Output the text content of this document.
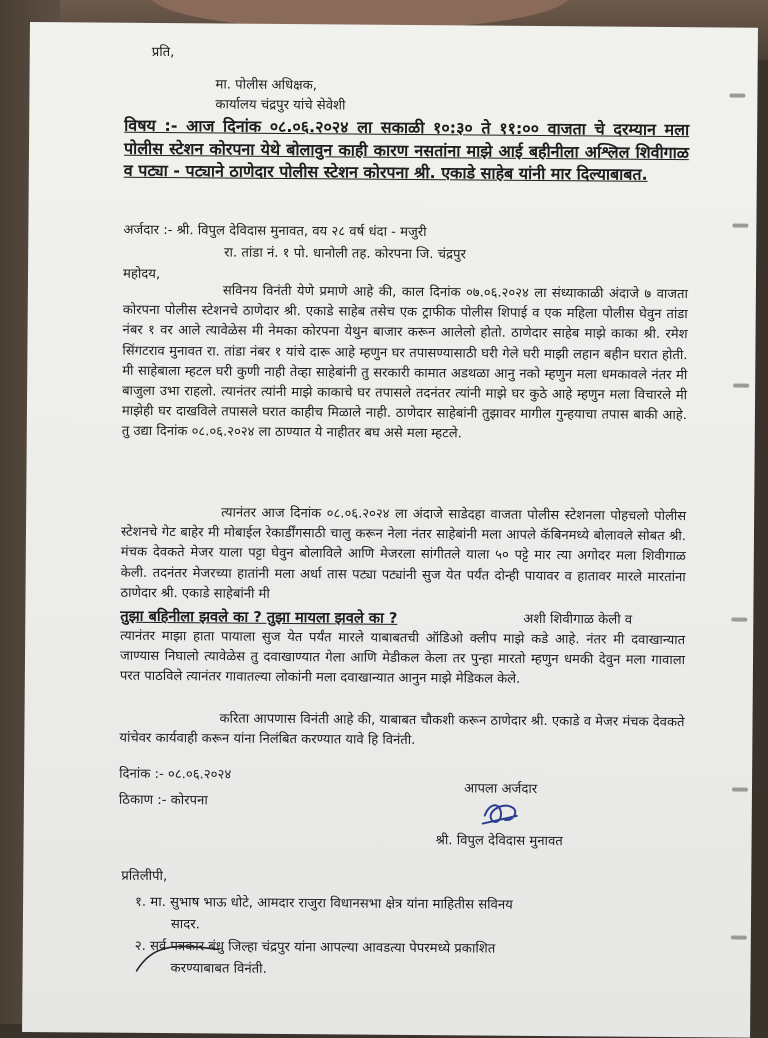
प्रति,
मा. पोलीस अधिक्षक,
कार्यालय चंद्रपुर यांचे सेवेशी
विषय :- आज दिनांक ०८.०६.२०२४ ला सकाळी १०:३० ते ११:०० वाजता चे दरम्यान मला पोलीस स्टेशन कोरपना येथे बोलावुन काही कारण नसतांना माझे आई बहीनीला अश्लिल शिवीगाळ व पट्या - पट्याने ठाणेदार पोलीस स्टेशन कोरपना श्री. एकाडे साहेब यांनी मार दिल्याबाबत.
अर्जदार :- श्री. विपुल देविदास मुनावत, वय २८ वर्ष धंदा - मजुरी
रा. तांडा नं. १ पो. धानोली तह. कोरपना जि. चंद्रपुर
महोदय,
सविनय विनंती येणे प्रमाणे आहे की, काल दिनांक ०७.०६.२०२४ ला संध्याकाळी अंदाजे ७ वाजता कोरपना पोलीस स्टेशनचे ठाणेदार श्री. एकाडे साहेब तसेच एक ट्राफीक पोलीस शिपाई व एक महिला पोलीस घेवुन तांडा नंबर १ वर आले त्यावेळेस मी नेमका कोरपना येथुन बाजार करून आलेलो होतो. ठाणेदार साहेब माझे काका श्री. रमेश सिंगटराव मुनावत रा. तांडा नंबर १ यांचे दारू आहे म्हणुन घर तपासण्यासाठी घरी गेले घरी माझी लहान बहीन घरात होती. मी साहेबाला म्हटल घरी कुणी नाही तेव्हा साहेबांनी तु सरकारी कामात अडथळा आनु नको म्हणुन मला धमकावले नंतर मी बाजुला उभा राहलो. त्यानंतर त्यांनी माझे काकाचे घर तपासले तदनंतर त्यांनी माझे घर कुठे आहे म्हणुन मला विचारले मी माझेही घर दाखविले तपासले घरात काहीच मिळाले नाही. ठाणेदार साहेबांनी तुझावर मागील गुन्हयाचा तपास बाकी आहे. तु उद्या दिनांक ०८.०६.२०२४ ला ठाण्यात ये नाहीतर बघ असे मला म्हटले.
त्यानंतर आज दिनांक ०८.०६.२०२४ ला अंदाजे साडेदहा वाजता पोलीस स्टेशनला पोहचलो पोलीस स्टेशनचे गेट बाहेर मी मोबाईल रेकार्डींगसाठी चालु करून नेला नंतर साहेबांनी मला आपले कॅबिनमध्ये बोलावले सोबत श्री. मंचक देवकते मेजर याला पट्टा घेवुन बोलाविले आणि मेजरला सांगीतले याला ५० पट्टे मार त्या अगोदर मला शिवीगाळ केली. तदनंतर मेजरच्या हातांनी मला अर्धा तास पट्या पट्यांनी सुज येत पर्यंत दोन्ही पायावर व हातावर मारले मारतांना ठाणेदार श्री. एकाडे साहेबांनी मी
तुझा बहिनीला झवले का ? तुझा मायला झवले का ?	अशी शिवीगाळ केली व
त्यानंतर माझा हाता पायाला सुज येत पर्यंत मारले याबाबतची ऑडिओ क्लीप माझे कडे आहे. नंतर मी दवाखान्यात जाण्यास निघालो त्यावेळेस तु दवाखाण्यात गेला आणि मेडीकल केला तर पुन्हा मारतो म्हणुन धमकी देवुन मला गावाला परत पाठविले त्यानंतर गावातल्या लोकांनी मला दवाखान्यात आनुन माझे मेडिकल केले.
करिता आपणास विनंती आहे की, याबाबत चौकशी करून ठाणेदार श्री. एकाडे व मेजर मंचक देवकते यांचेवर कार्यवाही करून यांना निलंबित करण्यात यावे हि विनंती.
दिनांक :- ०८.०६.२०२४
ठिकाण :- कोरपना
आपला अर्जदार
श्री. विपुल देविदास मुनावत
प्रतिलीपी,
१. मा. सुभाष भाऊ धोटे, आमदार राजुरा विधानसभा क्षेत्र यांना माहितीस सविनय
सादर.
२. सर्व पत्रकार बंधु जिल्हा चंद्रपुर यांना आपल्या आवडत्या पेपरमध्ये प्रकाशित
करण्याबाबत विनंती.
